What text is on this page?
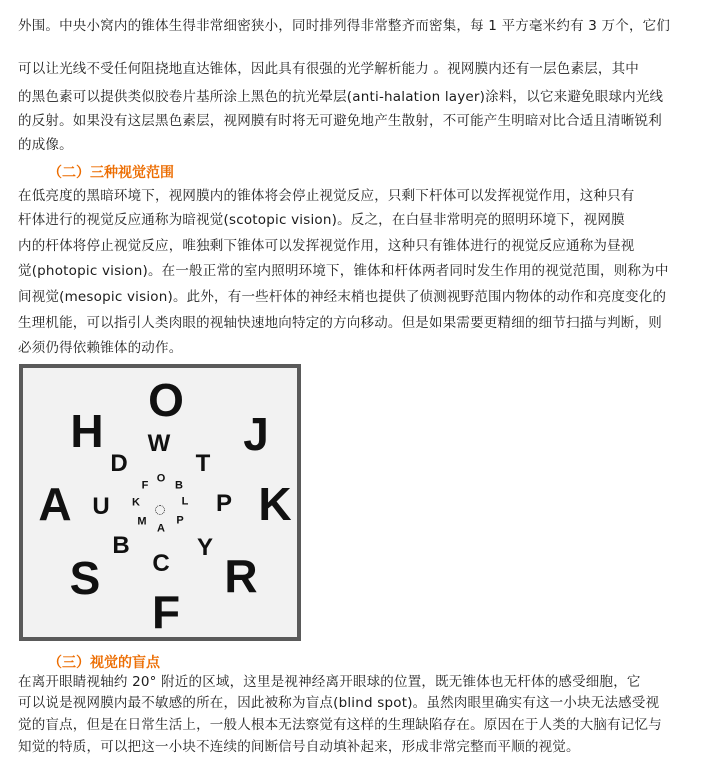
外围。中央小窝内的锥体生得非常细密狭小，同时排列得非常整齐而密集，每 1 平方毫米约有 3 万个，它们
可以让光线不受任何阻挠地直达锥体，因此具有很强的光学解析能力 。视网膜内还有一层色素层，其中
的黑色素可以提供类似胶卷片基所涂上黑色的抗光晕层(anti-halation layer)涂料，以它来避免眼球内光线
的反射。如果没有这层黑色素层，视网膜有时将无可避免地产生散射，不可能产生明暗对比合适且清晰锐利
的成像。
（二）三种视觉范围
在低亮度的黑暗环境下，视网膜内的锥体将会停止视觉反应，只剩下杆体可以发挥视觉作用，这种只有
杆体进行的视觉反应通称为暗视觉(scotopic vision)。反之，在白昼非常明亮的照明环境下，视网膜
内的杆体将停止视觉反应，唯独剩下锥体可以发挥视觉作用，这种只有锥体进行的视觉反应通称为昼视
觉(photopic vision)。在一般正常的室内照明环境下，锥体和杆体两者同时发生作用的视觉范围，则称为中
间视觉(mesopic vision)。此外，有一些杆体的神经末梢也提供了侦测视野范围内物体的动作和亮度变化的
生理机能，可以指引人类肉眼的视轴快速地向特定的方向移动。但是如果需要更精细的细节扫描与判断，则
必须仍得依赖锥体的动作。
O
J
K
R
F
S
A
H W
T
P
Y
C
B
U
D
O
B
L
P
A
M
K
F
（三）视觉的盲点
在离开眼睛视轴约 20° 附近的区域，这里是视神经离开眼球的位置，既无锥体也无杆体的感受细胞，它
可以说是视网膜内最不敏感的所在，因此被称为盲点(blind spot)。虽然肉眼里确实有这一小块无法感受视
觉的盲点，但是在日常生活上，一般人根本无法察觉有这样的生理缺陷存在。原因在于人类的大脑有记忆与
知觉的特质，可以把这一小块不连续的间断信号自动填补起来，形成非常完整而平顺的视觉。
